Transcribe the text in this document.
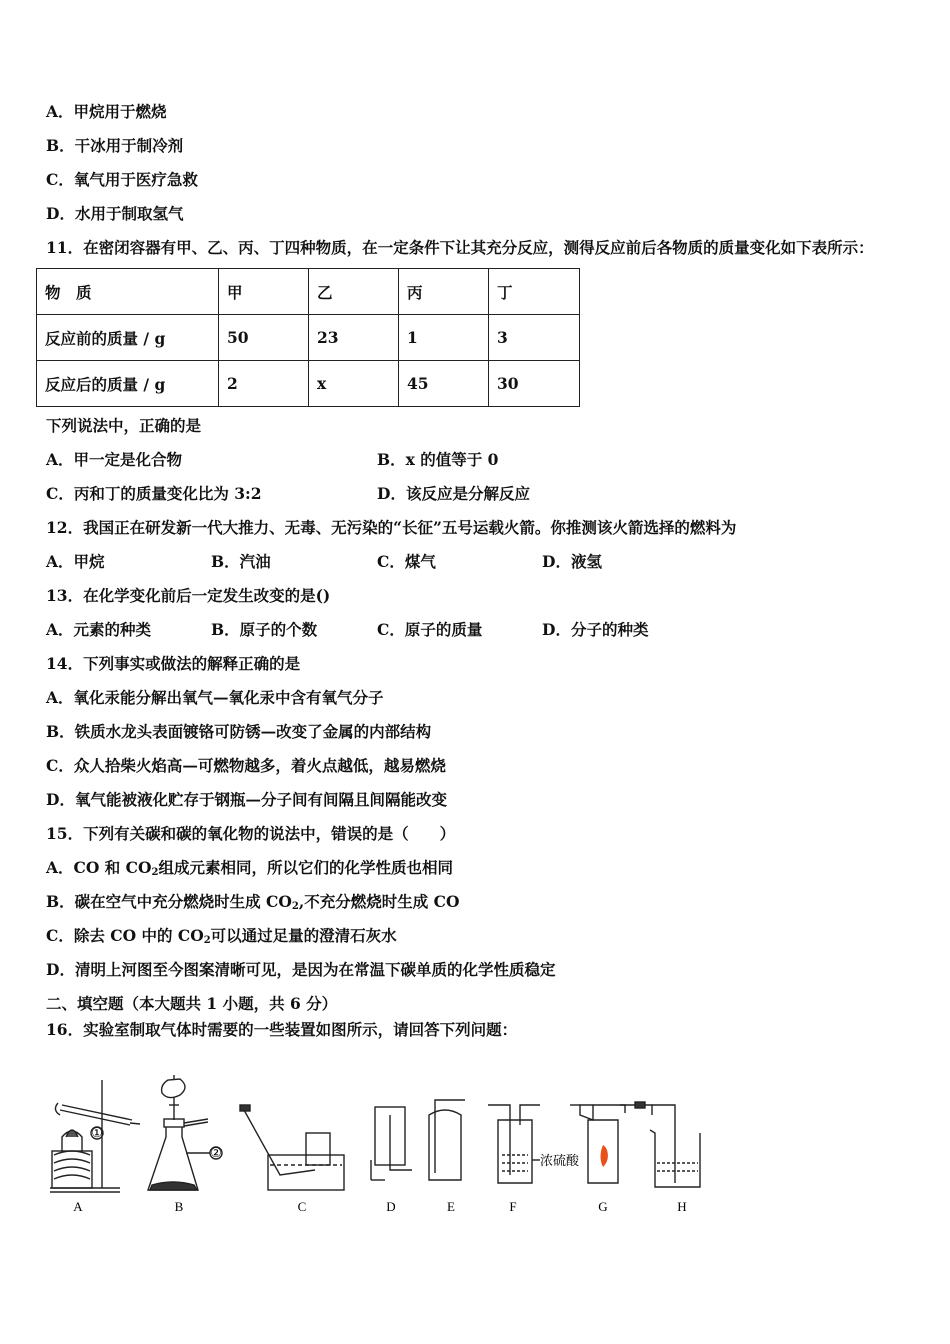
A．甲烷用于燃烧
B．干冰用于制冷剂
C．氧气用于医疗急救
D．水用于制取氢气
11．在密闭容器有甲、乙、丙、丁四种物质，在一定条件下让其充分反应，测得反应前后各物质的质量变化如下表所示：
物　质	甲	乙	丙	丁
反应前的质量 / g	50	23	1	3
反应后的质量 / g	2	x	45	30
下列说法中，正确的是
A．甲一定是化合物	B．x 的值等于 0
C．丙和丁的质量变化比为 3:2	D．该反应是分解反应
12．我国正在研发新一代大推力、无毒、无污染的“长征”五号运载火箭。你推测该火箭选择的燃料为
A．甲烷	B．汽油	C．煤气	D．液氢
13．在化学变化前后一定发生改变的是()
A．元素的种类	B．原子的个数	C．原子的质量	D．分子的种类
14．下列事实或做法的解释正确的是
A．氧化汞能分解出氧气—氧化汞中含有氧气分子
B．铁质水龙头表面镀铬可防锈—改变了金属的内部结构
C．众人拾柴火焰高—可燃物越多，着火点越低，越易燃烧
D．氧气能被液化贮存于钢瓶—分子间有间隔且间隔能改变
15．下列有关碳和碳的氧化物的说法中，错误的是（　　）
A．CO 和 $CO_2$组成元素相同，所以它们的化学性质也相同
B．碳在空气中充分燃烧时生成 $CO_2$,不充分燃烧时生成 CO
C．除去 CO 中的 $CO_2$可以通过足量的澄清石灰水
D．清明上河图至今图案清晰可见，是因为在常温下碳单质的化学性质稳定
二、填空题（本大题共 1 小题，共 6 分）
16．实验室制取气体时需要的一些装置如图所示，请回答下列问题：
①
②
浓硫酸
A	B	C	D	E	F	G	H
